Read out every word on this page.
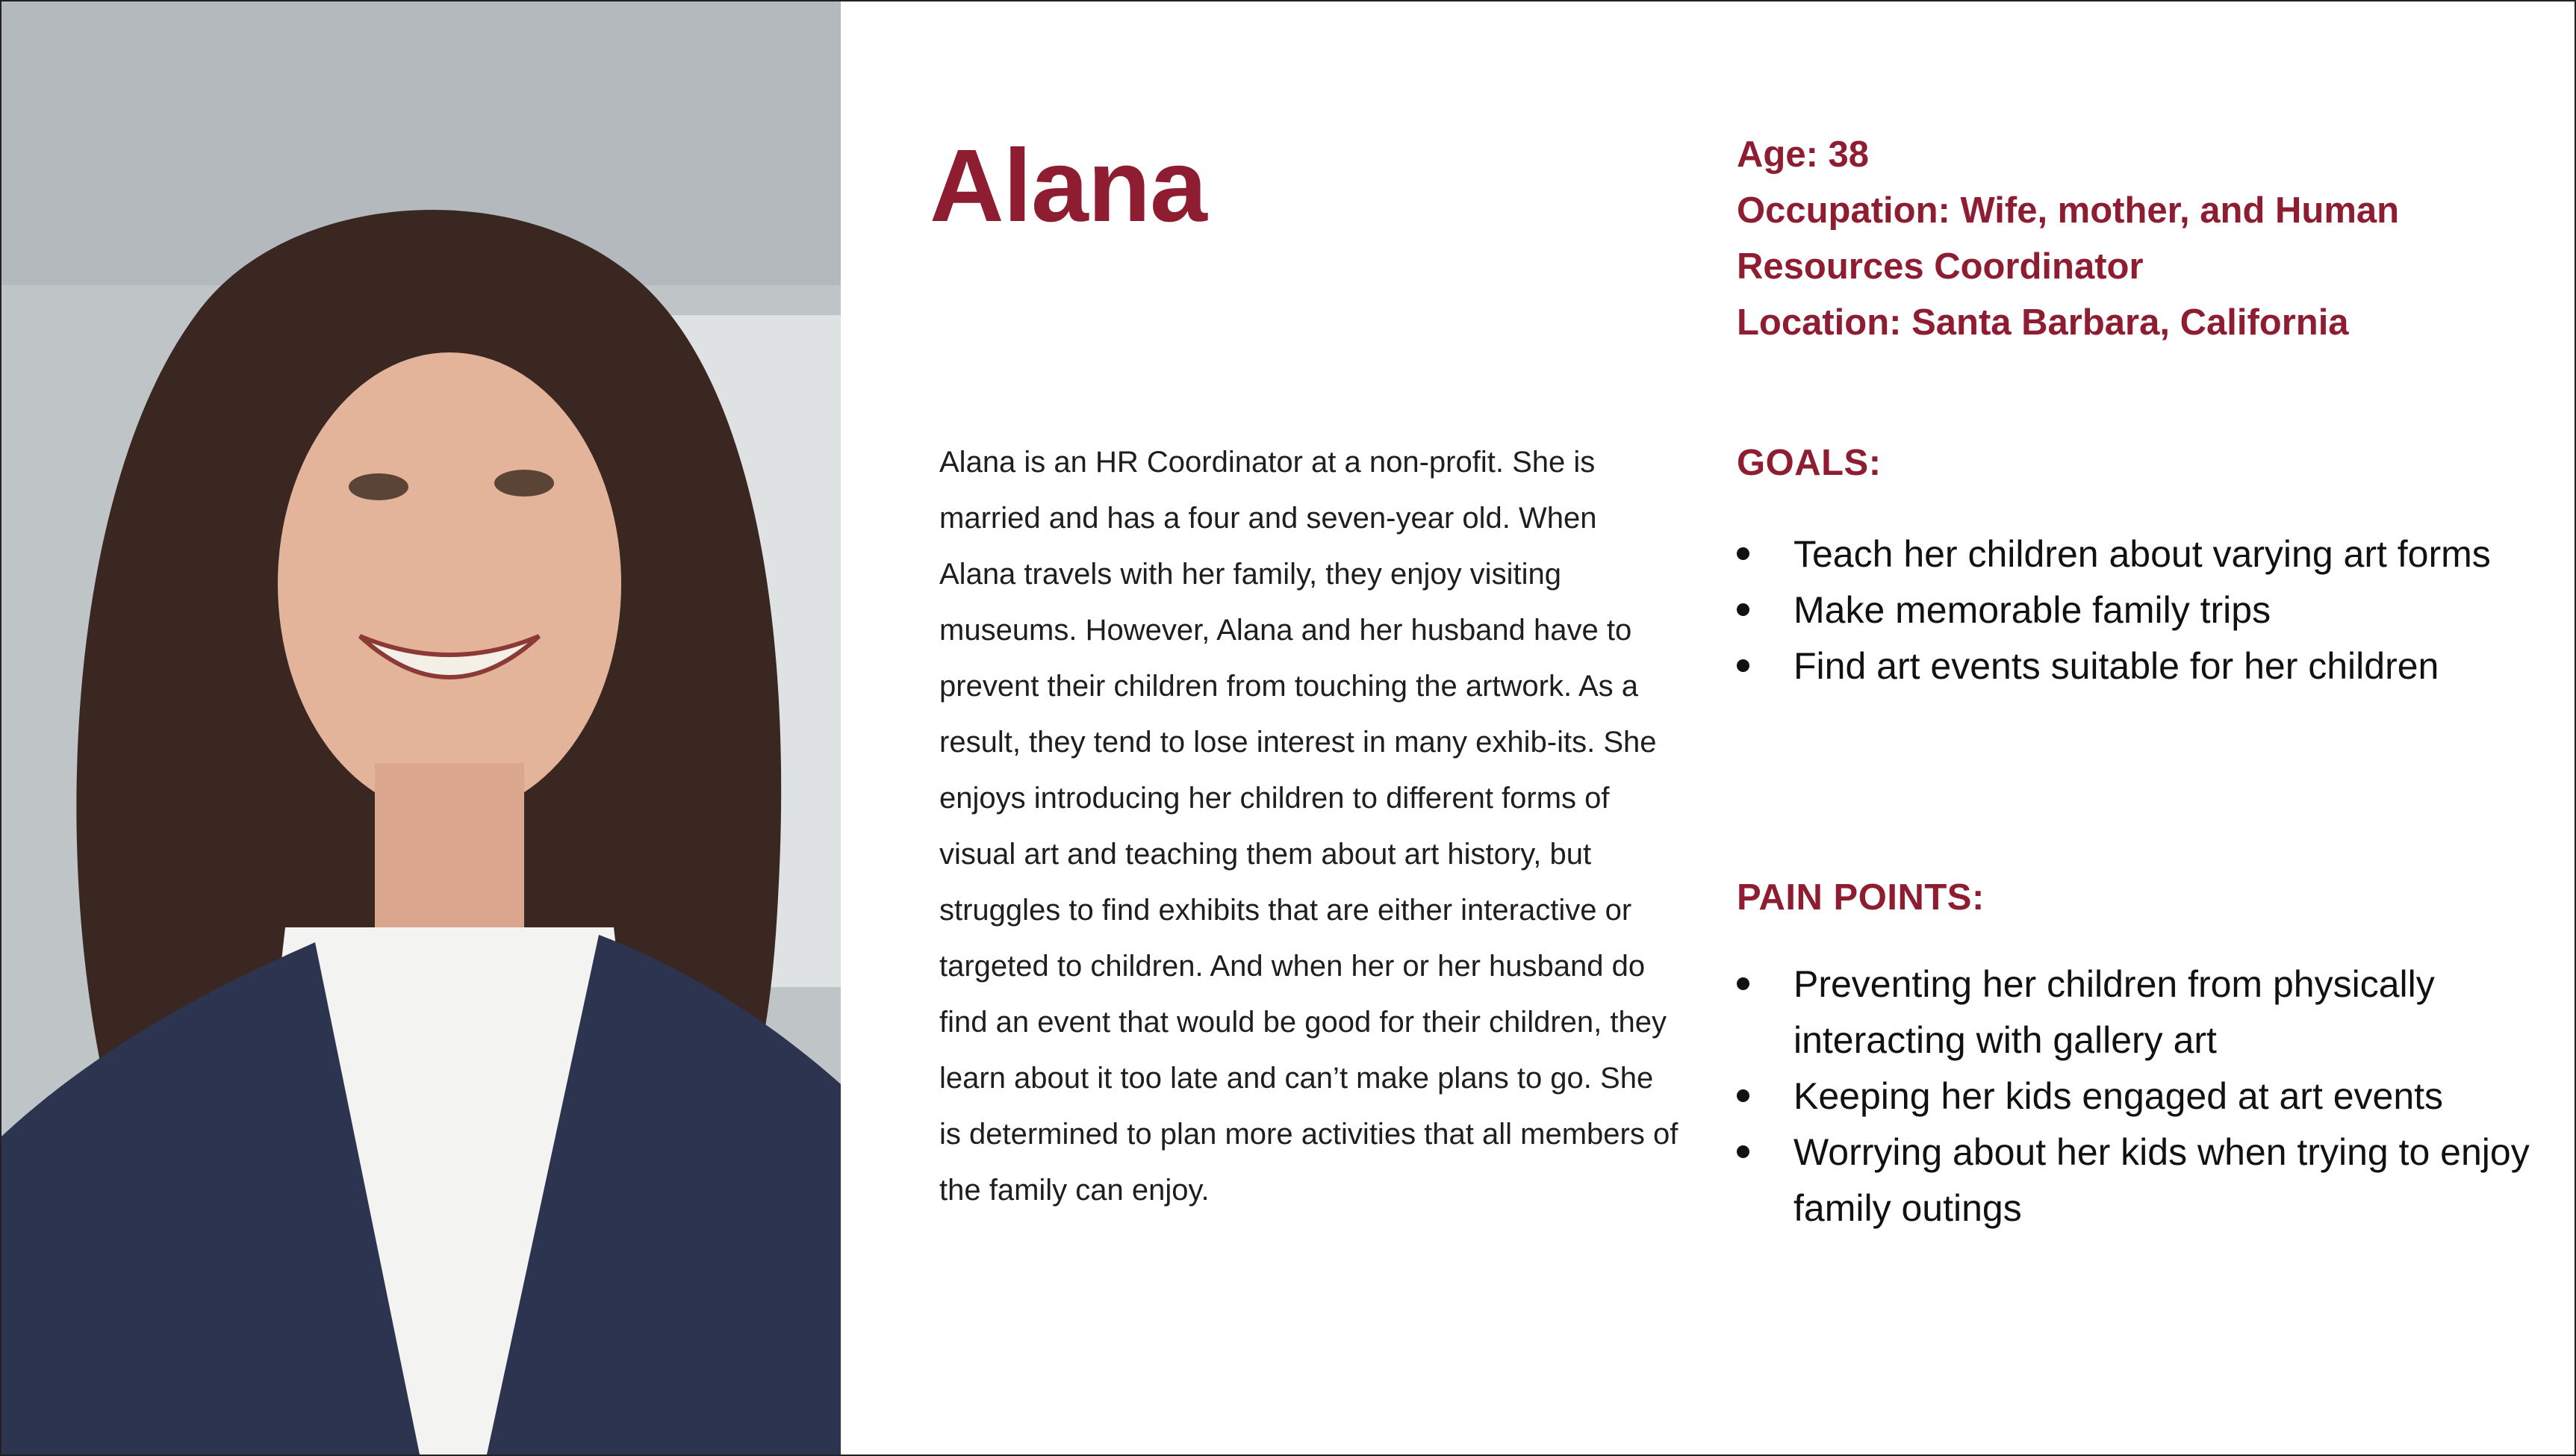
Alana	Age: 38
Occupation: Wife, mother, and Human Resources Coordinator
Location: Santa Barbara, California
Alana is an HR Coordinator at a non-profit. She is married and has a four and seven-year old. When Alana travels with her family, they enjoy visiting museums. However, Alana and her husband have to prevent their children from touching the artwork. As a result, they tend to lose interest in many exhib-its. She enjoys introducing her children to different forms of visual art and teaching them about art history, but struggles to find exhibits that are either interactive or targeted to children. And when her or her husband do find an event that would be good for their children, they learn about it too late and can’t make plans to go. She is determined to plan more activities that all members of the family can enjoy.
GOALS:
Teach her children about varying art forms
Make memorable family trips
Find art events suitable for her children
PAIN POINTS:
Preventing her children from physically interacting with gallery art
Keeping her kids engaged at art events
Worrying about her kids when trying to enjoy family outings
